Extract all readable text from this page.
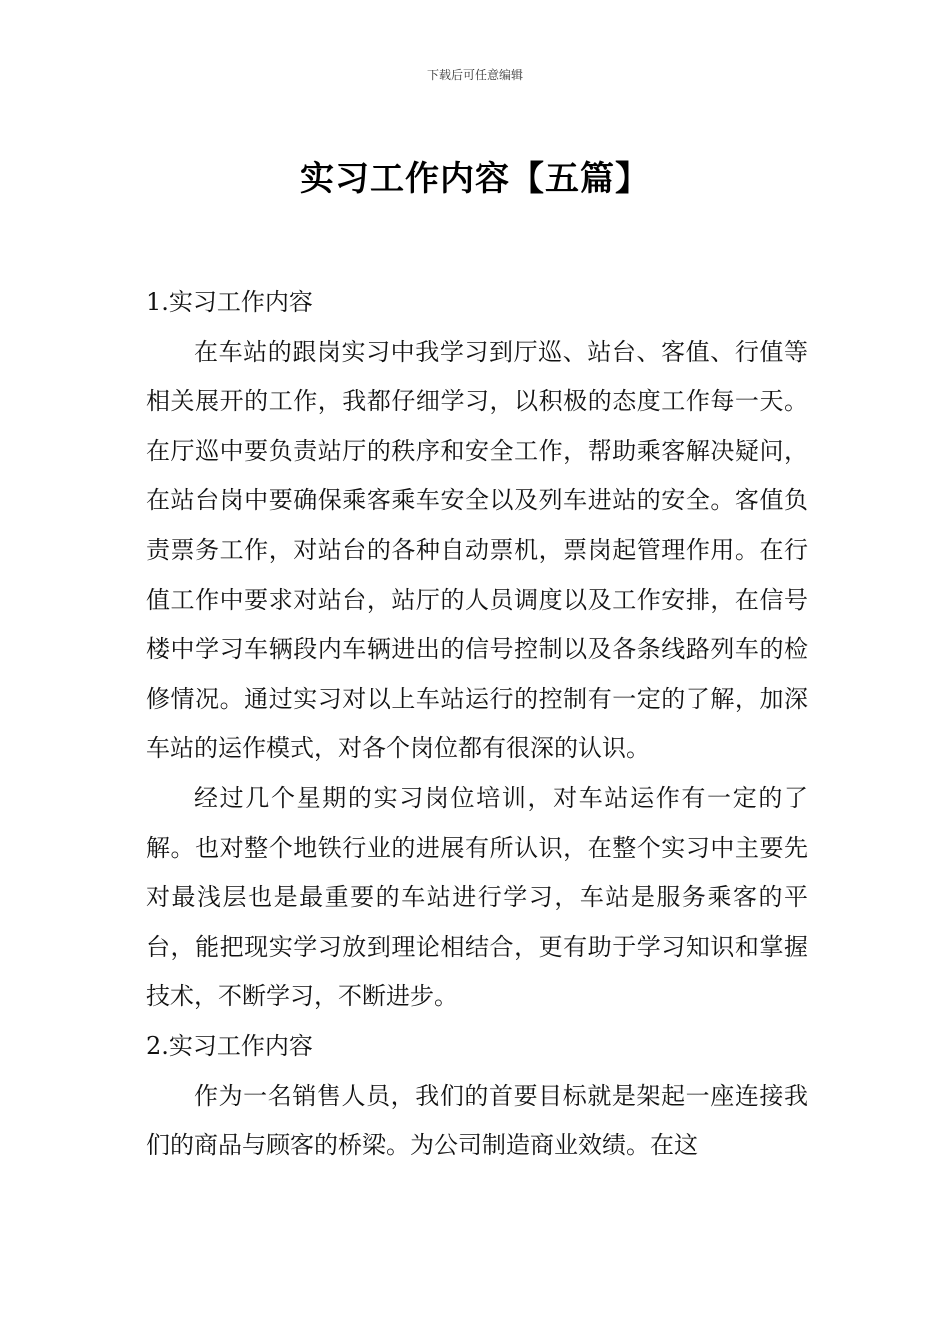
下载后可任意编辑
实习工作内容【五篇】

1.实习工作内容

在车站的跟岗实习中我学习到厅巡、站台、客值、行值等相关展开的工作，我都仔细学习，以积极的态度工作每一天。在厅巡中要负责站厅的秩序和安全工作，帮助乘客解决疑问，在站台岗中要确保乘客乘车安全以及列车进站的安全。客值负责票务工作，对站台的各种自动票机，票岗起管理作用。在行值工作中要求对站台，站厅的人员调度以及工作安排，在信号楼中学习车辆段内车辆进出的信号控制以及各条线路列车的检修情况。通过实习对以上车站运行的控制有一定的了解，加深车站的运作模式，对各个岗位都有很深的认识。

经过几个星期的实习岗位培训，对车站运作有一定的了解。也对整个地铁行业的进展有所认识，在整个实习中主要先对最浅层也是最重要的车站进行学习，车站是服务乘客的平台，能把现实学习放到理论相结合，更有助于学习知识和掌握技术，不断学习，不断进步。

2.实习工作内容

作为一名销售人员，我们的首要目标就是架起一座连接我们的商品与顾客的桥梁。为公司制造商业效绩。在这
